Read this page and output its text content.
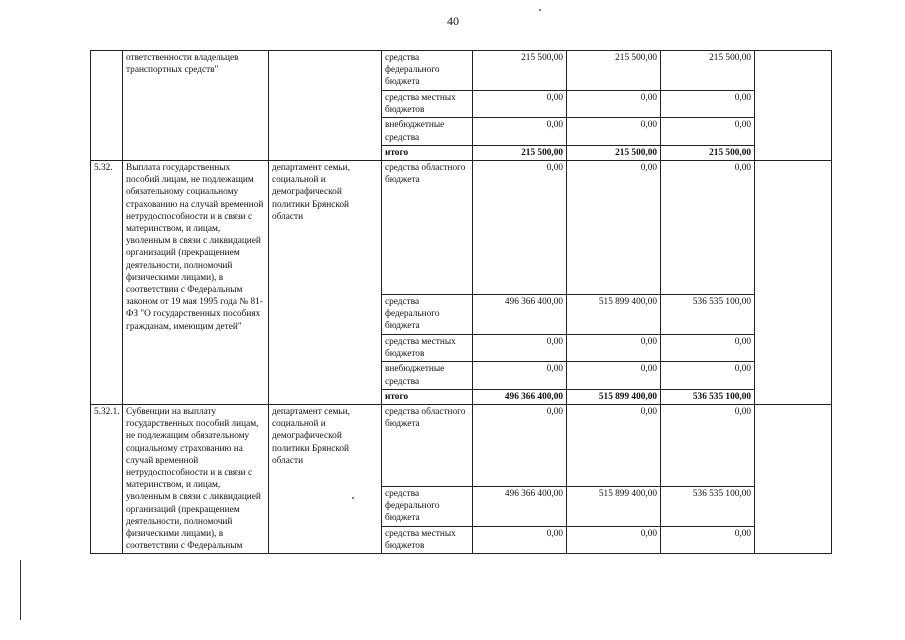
40
	ответственности владельцев транспортных средств"		средства федерального бюджета	215 500,00	215 500,00	215 500,00	
			средства местных бюджетов	0,00	0,00	0,00	
			внебюджетные средства	0,00	0,00	0,00	
			итого	215 500,00	215 500,00	215 500,00	
5.32.	Выплата государственных пособий лицам, не подлежащим обязательному социальному страхованию на случай временной нетрудоспособности и в связи с материнством, и лицам, уволенным в связи с ликвидацией организаций (прекращением деятельности, полномочий физическими лицами), в соответствии с Федеральным законом от 19 мая 1995 года № 81-ФЗ "О государственных пособиях гражданам, имеющим детей"	департамент семьи, социальной и демографической политики Брянской области	средства областного бюджета	0,00	0,00	0,00	
			средства федерального бюджета	496 366 400,00	515 899 400,00	536 535 100,00	
			средства местных бюджетов	0,00	0,00	0,00	
			внебюджетные средства	0,00	0,00	0,00	
			итого	496 366 400,00	515 899 400,00	536 535 100,00	
5.32.1.	Субвенции на выплату государственных пособий лицам, не подлежащим обязательному социальному страхованию на случай временной нетрудоспособности и в связи с материнством, и лицам, уволенным в связи с ликвидацией организаций (прекращением деятельности, полномочий физическими лицами), в соответствии с Федеральным	департамент семьи, социальной и демографической политики Брянской области	средства областного бюджета	0,00	0,00	0,00	
			средства федерального бюджета	496 366 400,00	515 899 400,00	536 535 100,00	
			средства местных бюджетов	0,00	0,00	0,00	
